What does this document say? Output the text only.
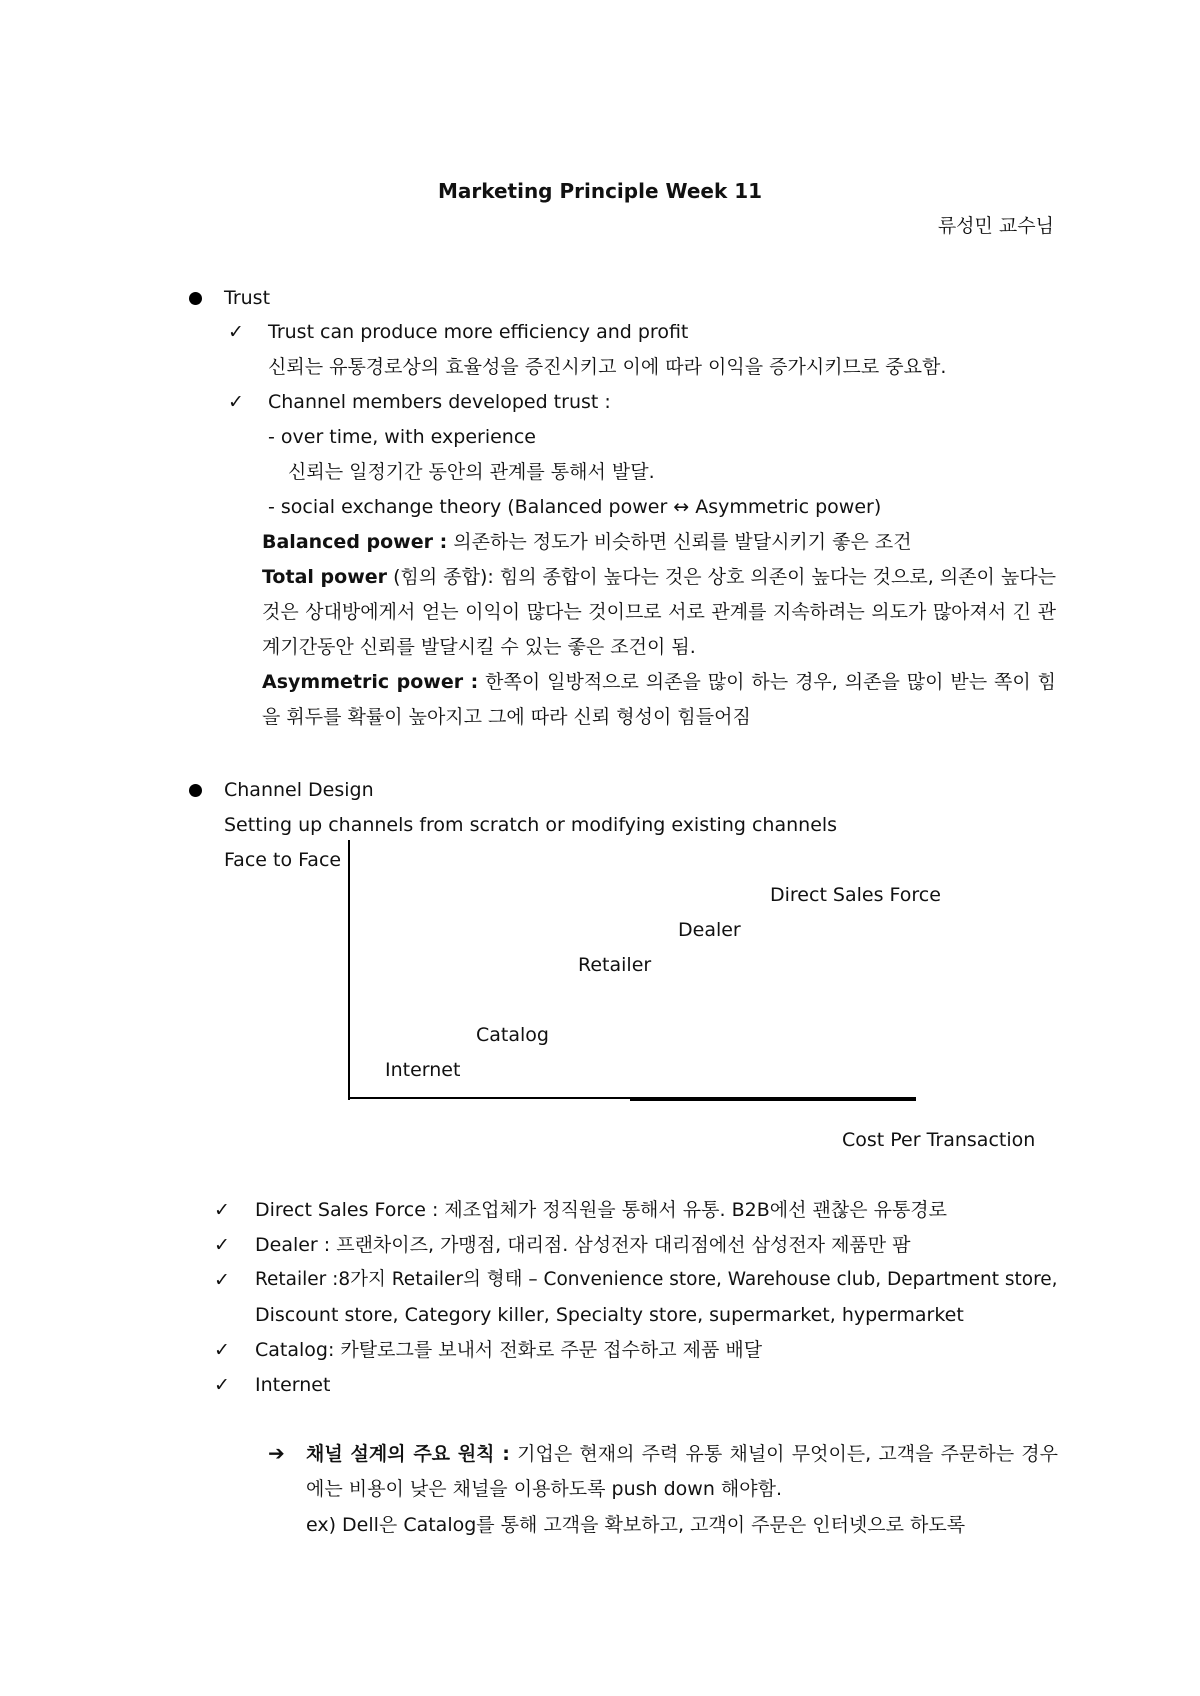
Marketing Principle Week 11
류성민 교수님
Trust
✓ Trust can produce more efficiency and profit
신뢰는 유통경로상의 효율성을 증진시키고 이에 따라 이익을 증가시키므로 중요함.
✓ Channel members developed trust :
- over time, with experience
신뢰는 일정기간 동안의 관계를 통해서 발달.
- social exchange theory (Balanced power ↔ Asymmetric power)
Balanced power : 의존하는 정도가 비슷하면 신뢰를 발달시키기 좋은 조건
Total power (힘의 종합): 힘의 종합이 높다는 것은 상호 의존이 높다는 것으로, 의존이 높다는 것은 상대방에게서 얻는 이익이 많다는 것이므로 서로 관계를 지속하려는 의도가 많아져서 긴 관계기간동안 신뢰를 발달시킬 수 있는 좋은 조건이 됨.
Asymmetric power : 한쪽이 일방적으로 의존을 많이 하는 경우, 의존을 많이 받는 쪽이 힘을 휘두를 확률이 높아지고 그에 따라 신뢰 형성이 힘들어짐
Channel Design
Setting up channels from scratch or modifying existing channels
Face to Face
Direct Sales Force
Dealer
Retailer
Catalog
Internet
Cost Per Transaction
✓ Direct Sales Force : 제조업체가 정직원을 통해서 유통. B2B에선 괜찮은 유통경로
✓ Dealer : 프랜차이즈, 가맹점, 대리점. 삼성전자 대리점에선 삼성전자 제품만 팜
✓ Retailer :8가지 Retailer의 형태 – Convenience store, Warehouse club, Department store,
Discount store, Category killer, Specialty store, supermarket, hypermarket
✓ Catalog: 카탈로그를 보내서 전화로 주문 접수하고 제품 배달
✓ Internet
➔ 채널 설계의 주요 원칙 : 기업은 현재의 주력 유통 채널이 무엇이든, 고객을 주문하는 경우에는 비용이 낮은 채널을 이용하도록 push down 해야함.
ex) Dell은 Catalog를 통해 고객을 확보하고, 고객이 주문은 인터넷으로 하도록
